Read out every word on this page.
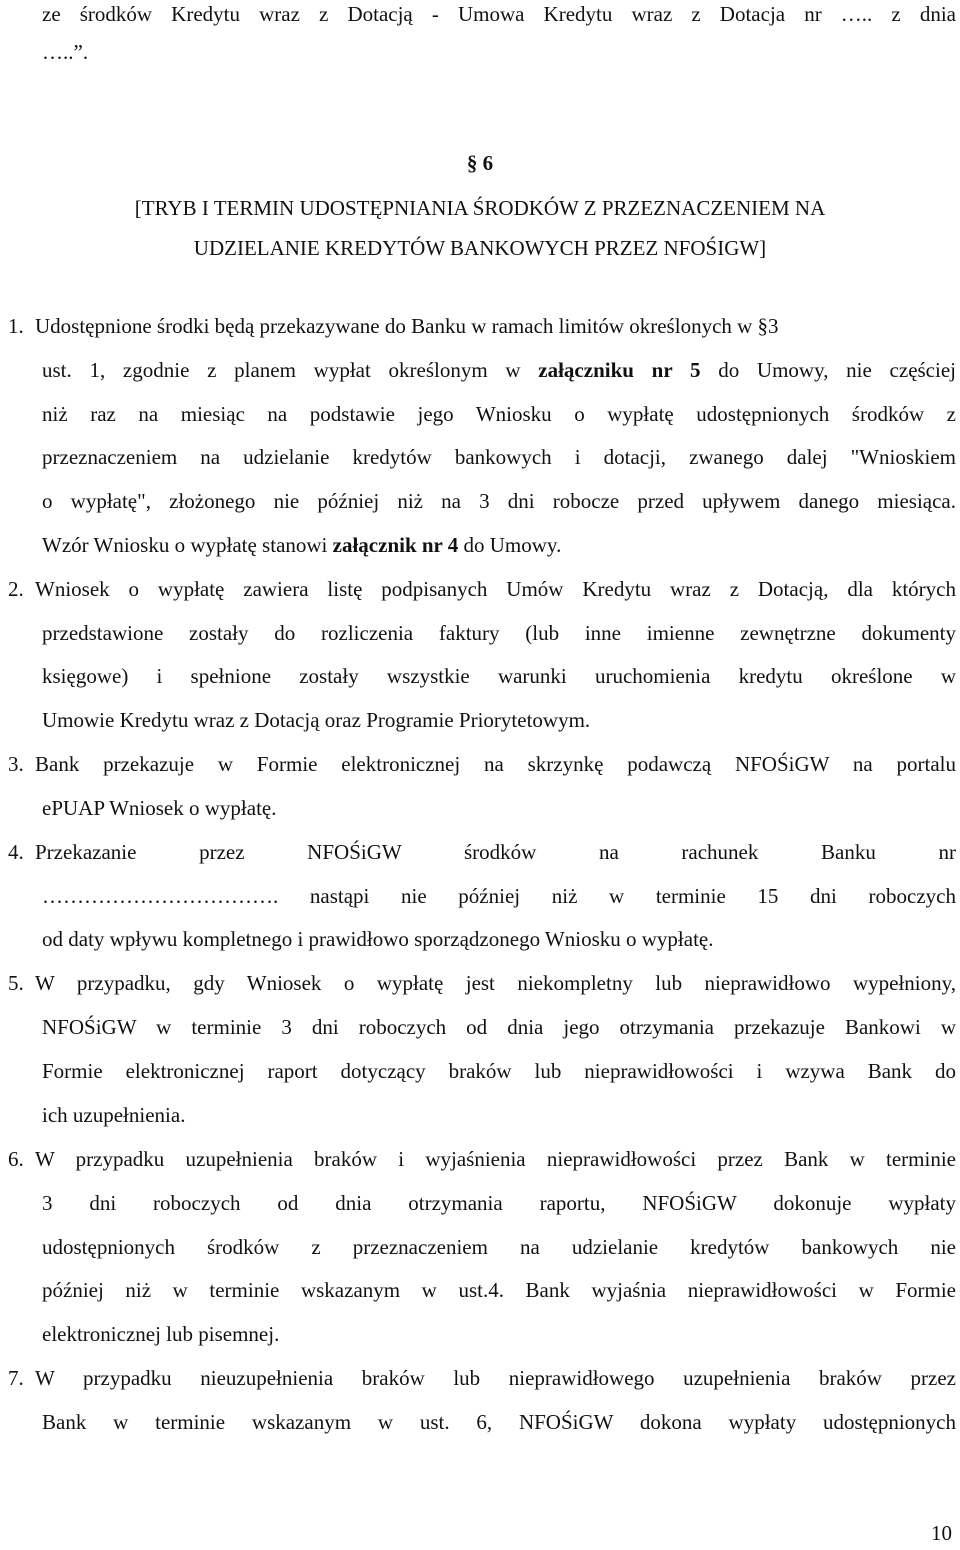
ze środków Kredytu wraz z Dotacją - Umowa Kredytu wraz z Dotacja nr ….. z dnia
…..”.
§ 6
[TRYB I TERMIN UDOSTĘPNIANIA ŚRODKÓW Z PRZEZNACZENIEM NA
UDZIELANIE KREDYTÓW BANKOWYCH PRZEZ NFOŚIGW]
1. Udostępnione środki będą przekazywane do Banku w ramach limitów określonych w §3
ust. 1, zgodnie z planem wypłat określonym w załączniku nr 5 do Umowy, nie częściej
niż raz na miesiąc na podstawie jego Wniosku o wypłatę udostępnionych środków z
przeznaczeniem na udzielanie kredytów bankowych i dotacji, zwanego dalej "Wnioskiem
o wypłatę", złożonego nie później niż na 3 dni robocze przed upływem danego miesiąca.
Wzór Wniosku o wypłatę stanowi załącznik nr 4 do Umowy.
2. Wniosek o wypłatę zawiera listę podpisanych Umów Kredytu wraz z Dotacją, dla których
przedstawione zostały do rozliczenia faktury (lub inne imienne zewnętrzne dokumenty
księgowe) i spełnione zostały wszystkie warunki uruchomienia kredytu określone w
Umowie Kredytu wraz z Dotacją oraz Programie Priorytetowym.
3. Bank przekazuje w Formie elektronicznej na skrzynkę podawczą NFOŚiGW na portalu
ePUAP Wniosek o wypłatę.
4. Przekazanie przez NFOŚiGW środków na rachunek Banku nr
……………………………. nastąpi nie później niż w terminie 15 dni roboczych
od daty wpływu kompletnego i prawidłowo sporządzonego Wniosku o wypłatę.
5. W przypadku, gdy Wniosek o wypłatę jest niekompletny lub nieprawidłowo wypełniony,
NFOŚiGW w terminie 3 dni roboczych od dnia jego otrzymania przekazuje Bankowi w
Formie elektronicznej raport dotyczący braków lub nieprawidłowości i wzywa Bank do
ich uzupełnienia.
6. W przypadku uzupełnienia braków i wyjaśnienia nieprawidłowości przez Bank w terminie
3 dni roboczych od dnia otrzymania raportu, NFOŚiGW dokonuje wypłaty
udostępnionych środków z przeznaczeniem na udzielanie kredytów bankowych nie
później niż w terminie wskazanym w ust.4. Bank wyjaśnia nieprawidłowości w Formie
elektronicznej lub pisemnej.
7. W przypadku nieuzupełnienia braków lub nieprawidłowego uzupełnienia braków przez
Bank w terminie wskazanym w ust. 6, NFOŚiGW dokona wypłaty udostępnionych
10
